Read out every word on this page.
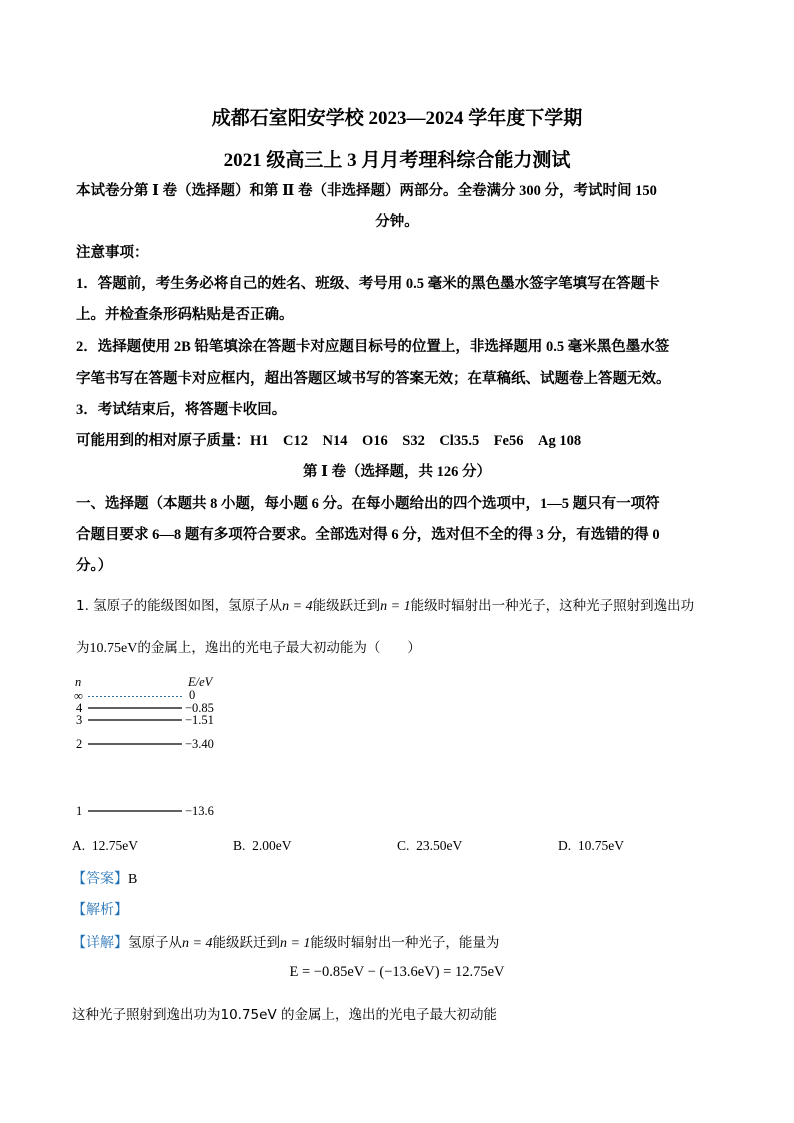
成都石室阳安学校 2023—2024 学年度下学期
2021 级高三上 3 月月考理科综合能力测试
本试卷分第 Ⅰ 卷（选择题）和第 Ⅱ 卷（非选择题）两部分。全卷满分 300 分，考试时间 150
分钟。
注意事项：
1．答题前，考生务必将自己的姓名、班级、考号用 0.5 毫米的黑色墨水签字笔填写在答题卡
上。并检查条形码粘贴是否正确。
2．选择题使用 2B 铅笔填涂在答题卡对应题目标号的位置上，非选择题用 0.5 毫米黑色墨水签
字笔书写在答题卡对应框内，超出答题区域书写的答案无效；在草稿纸、试题卷上答题无效。
3．考试结束后，将答题卡收回。
可能用到的相对原子质量：H1　C12　N14　O16　S32　Cl35.5　Fe56　Ag 108
第 Ⅰ 卷（选择题，共 126 分）
一、选择题（本题共 8 小题，每小题 6 分。在每小题给出的四个选项中，1—5 题只有一项符
合题目要求 6—8 题有多项符合要求。全部选对得 6 分，选对但不全的得 3 分，有选错的得 0
分。）
1. 氢原子的能级图如图，氢原子从n = 4能级跃迁到n = 1能级时辐射出一种光子，这种光子照射到逸出功
为10.75eV的金属上，逸出的光电子最大初动能为（　　）
n	E/eV
∞	0
4	−0.85
3	−1.51
2	−3.40
1	−13.6
A. 12.75eV	B. 2.00eV	C. 23.50eV	D. 10.75eV
【答案】B
【解析】
【详解】氢原子从n = 4能级跃迁到n = 1能级时辐射出一种光子，能量为
E = −0.85eV − (−13.6eV) = 12.75eV
这种光子照射到逸出功为10.75eV 的金属上，逸出的光电子最大初动能
